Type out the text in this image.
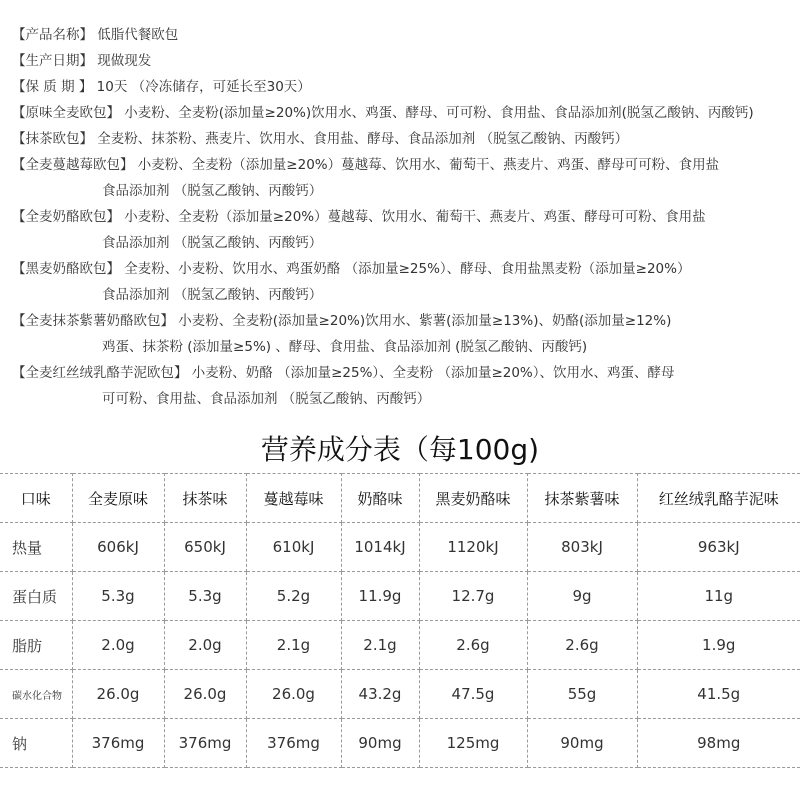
【产品名称】 低脂代餐欧包
【生产日期】 现做现发
【保 质 期 】 10天 （冷冻储存，可延长至30天）
【原味全麦欧包】 小麦粉、全麦粉(添加量≥20%)饮用水、鸡蛋、酵母、可可粉、食用盐、食品添加剂(脱氢乙酸钠、丙酸钙)
【抹茶欧包】 全麦粉、抹茶粉、燕麦片、饮用水、食用盐、酵母、食品添加剂 （脱氢乙酸钠、丙酸钙）
【全麦蔓越莓欧包】 小麦粉、全麦粉（添加量≥20%）蔓越莓、饮用水、葡萄干、燕麦片、鸡蛋、酵母可可粉、食用盐
食品添加剂 （脱氢乙酸钠、丙酸钙）
【全麦奶酪欧包】 小麦粉、全麦粉（添加量≥20%）蔓越莓、饮用水、葡萄干、燕麦片、鸡蛋、酵母可可粉、食用盐
食品添加剂 （脱氢乙酸钠、丙酸钙）
【黑麦奶酪欧包】 全麦粉、小麦粉、饮用水、鸡蛋奶酪 （添加量≥25%）、酵母、食用盐黑麦粉（添加量≥20%）
食品添加剂 （脱氢乙酸钠、丙酸钙）
【全麦抹茶紫薯奶酪欧包】 小麦粉、全麦粉(添加量≥20%)饮用水、紫薯(添加量≥13%)、奶酪(添加量≥12%)
鸡蛋、抹茶粉 (添加量≥5%) 、酵母、食用盐、食品添加剂 (脱氢乙酸钠、丙酸钙)
【全麦红丝绒乳酪芋泥欧包】 小麦粉、奶酪 （添加量≥25%）、全麦粉 （添加量≥20%）、饮用水、鸡蛋、酵母
可可粉、食用盐、食品添加剂 （脱氢乙酸钠、丙酸钙）
营养成分表（每100g)
口味	全麦原味	抹茶味	蔓越莓味	奶酪味	黑麦奶酪味	抹茶紫薯味	红丝绒乳酪芋泥味
热量	606kJ	650kJ	610kJ	1014kJ	1120kJ	803kJ	963kJ
蛋白质	5.3g	5.3g	5.2g	11.9g	12.7g	9g	11g
脂肪	2.0g	2.0g	2.1g	2.1g	2.6g	2.6g	1.9g
碳水化合物	26.0g	26.0g	26.0g	43.2g	47.5g	55g	41.5g
钠	376mg	376mg	376mg	90mg	125mg	90mg	98mg
